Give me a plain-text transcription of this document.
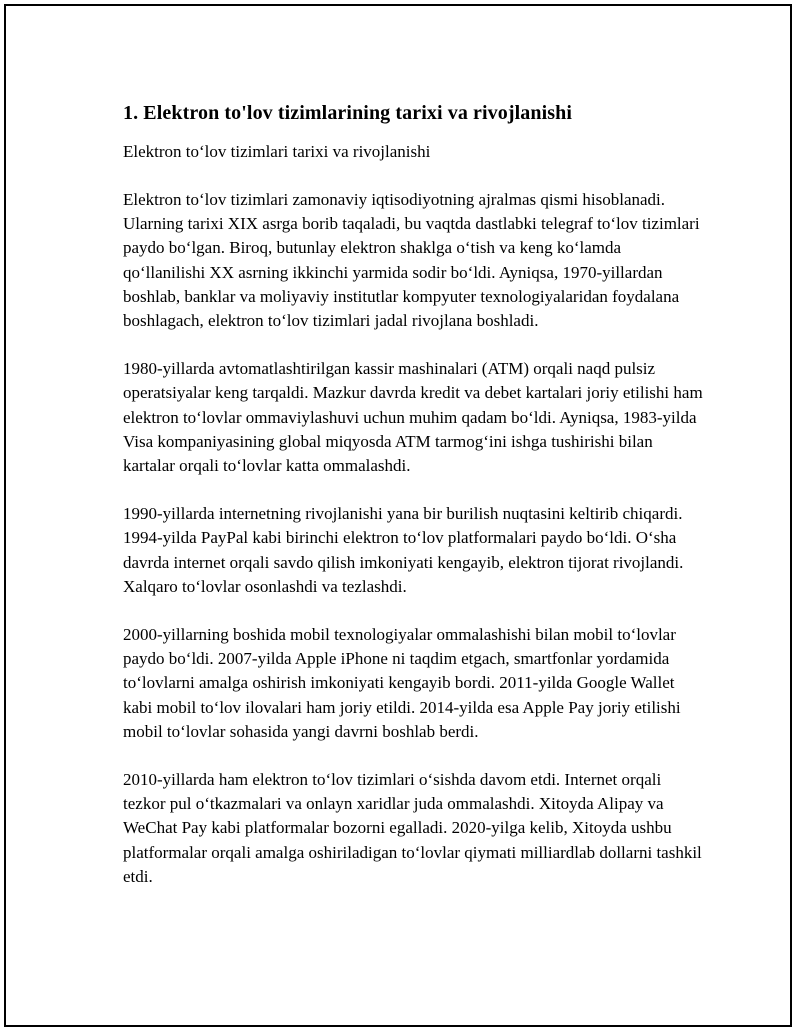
1. Elektron to'lov tizimlarining tarixi va rivojlanishi

Elektron to‘lov tizimlari tarixi va rivojlanishi

Elektron to‘lov tizimlari zamonaviy iqtisodiyotning ajralmas qismi hisoblanadi. Ularning tarixi XIX asrga borib taqaladi, bu vaqtda dastlabki telegraf to‘lov tizimlari paydo bo‘lgan. Biroq, butunlay elektron shaklga o‘tish va keng ko‘lamda qo‘llanilishi XX asrning ikkinchi yarmida sodir bo‘ldi. Ayniqsa, 1970-yillardan boshlab, banklar va moliyaviy institutlar kompyuter texnologiyalaridan foydalana boshlagach, elektron to‘lov tizimlari jadal rivojlana boshladi.

1980-yillarda avtomatlashtirilgan kassir mashinalari (ATM) orqali naqd pulsiz operatsiyalar keng tarqaldi. Mazkur davrda kredit va debet kartalari joriy etilishi ham elektron to‘lovlar ommaviylashuvi uchun muhim qadam bo‘ldi. Ayniqsa, 1983-yilda Visa kompaniyasining global miqyosda ATM tarmog‘ini ishga tushirishi bilan kartalar orqali to‘lovlar katta ommalashdi.

1990-yillarda internetning rivojlanishi yana bir burilish nuqtasini keltirib chiqardi. 1994-yilda PayPal kabi birinchi elektron to‘lov platformalari paydo bo‘ldi. O‘sha davrda internet orqali savdo qilish imkoniyati kengayib, elektron tijorat rivojlandi. Xalqaro to‘lovlar osonlashdi va tezlashdi.

2000-yillarning boshida mobil texnologiyalar ommalashishi bilan mobil to‘lovlar paydo bo‘ldi. 2007-yilda Apple iPhone ni taqdim etgach, smartfonlar yordamida to‘lovlarni amalga oshirish imkoniyati kengayib bordi. 2011-yilda Google Wallet kabi mobil to‘lov ilovalari ham joriy etildi. 2014-yilda esa Apple Pay joriy etilishi mobil to‘lovlar sohasida yangi davrni boshlab berdi.

2010-yillarda ham elektron to‘lov tizimlari o‘sishda davom etdi. Internet orqali tezkor pul o‘tkazmalari va onlayn xaridlar juda ommalashdi. Xitoyda Alipay va WeChat Pay kabi platformalar bozorni egalladi. 2020-yilga kelib, Xitoyda ushbu platformalar orqali amalga oshiriladigan to‘lovlar qiymati milliardlab dollarni tashkil etdi.
